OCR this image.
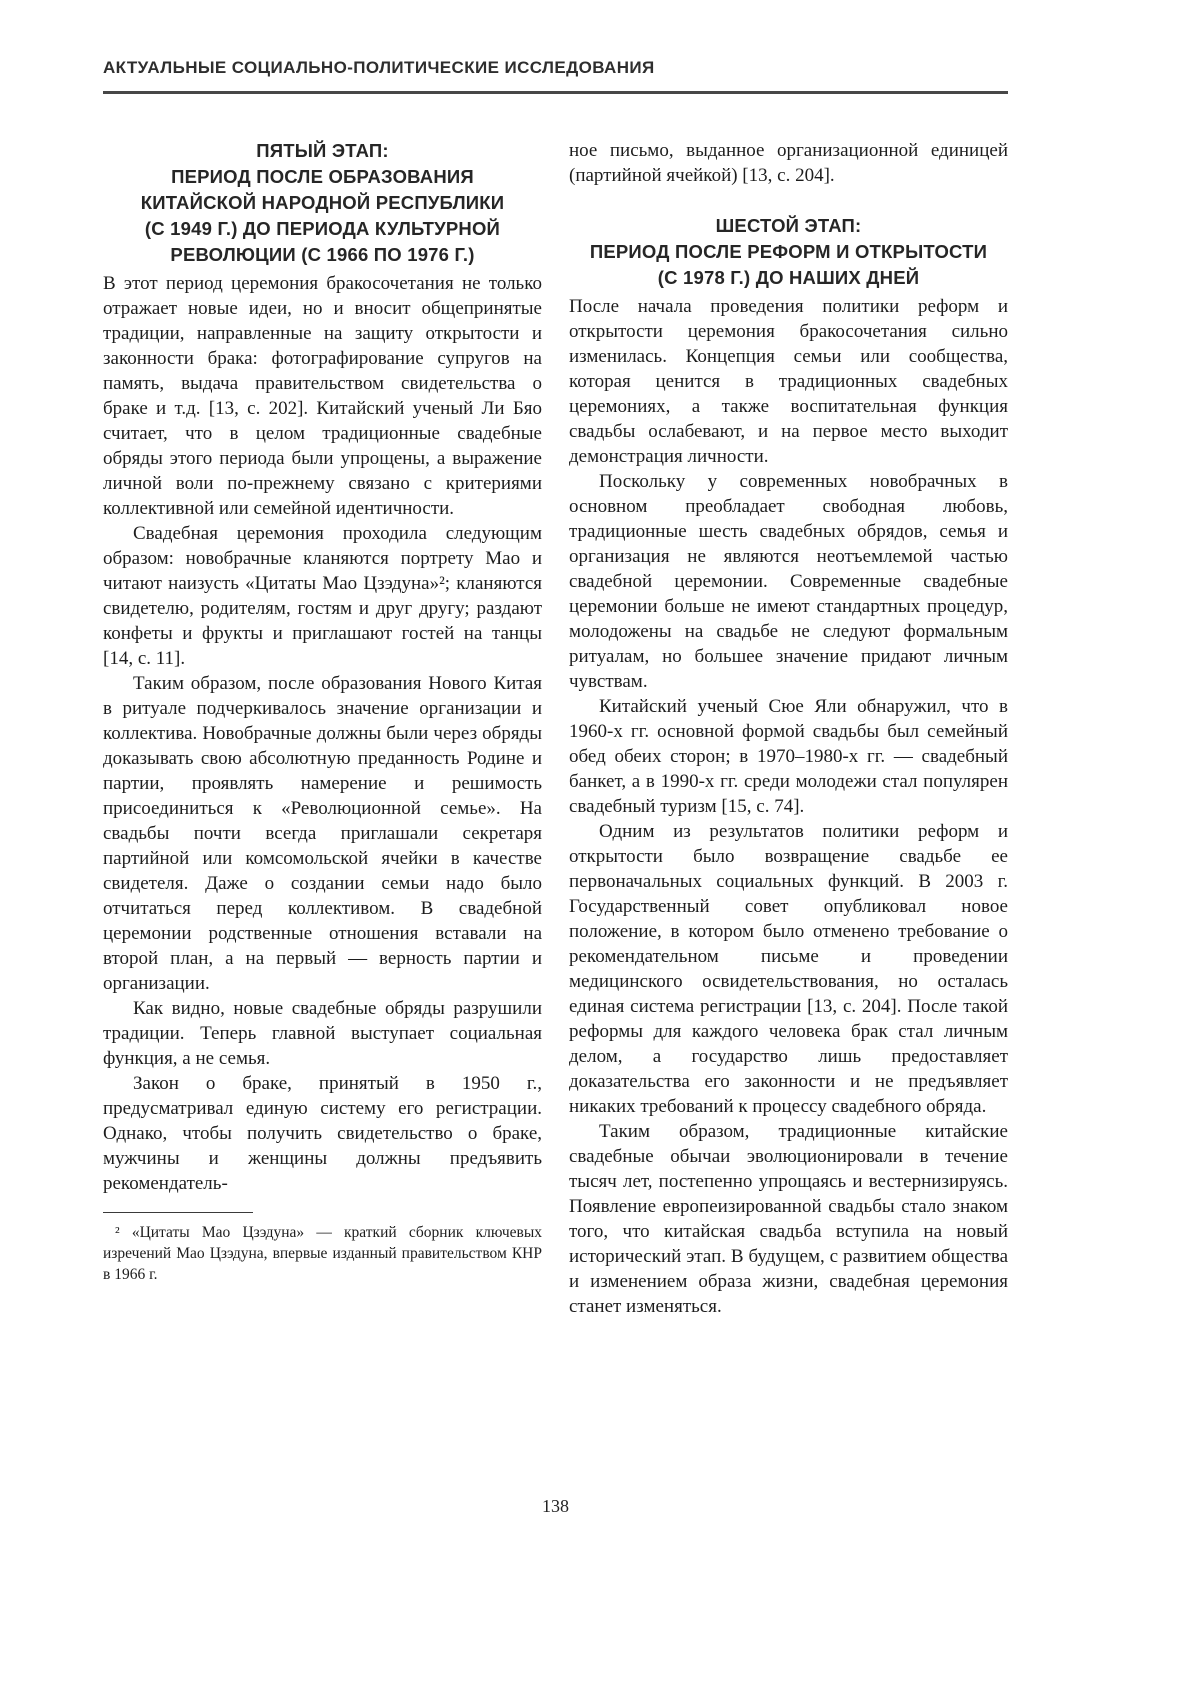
АКТУАЛЬНЫЕ СОЦИАЛЬНО-ПОЛИТИЧЕСКИЕ ИССЛЕДОВАНИЯ
ПЯТЫЙ ЭТАП:
ПЕРИОД ПОСЛЕ ОБРАЗОВАНИЯ
КИТАЙСКОЙ НАРОДНОЙ РЕСПУБЛИКИ
(С 1949 Г.) ДО ПЕРИОДА КУЛЬТУРНОЙ
РЕВОЛЮЦИИ (С 1966 ПО 1976 Г.)

В этот период церемония бракосочетания не только отражает новые идеи, но и вносит общепринятые традиции, направленные на защиту открытости и законности брака: фотографирование супругов на память, выдача правительством свидетельства о браке и т.д. [13, с. 202]. Китайский ученый Ли Бяо считает, что в целом традиционные свадебные обряды этого периода были упрощены, а выражение личной воли по-прежнему связано с критериями коллективной или семейной идентичности.

Свадебная церемония проходила следующим образом: новобрачные кланяются портрету Мао и читают наизусть «Цитаты Мао Цзэдуна»²; кланяются свидетелю, родителям, гостям и друг другу; раздают конфеты и фрукты и приглашают гостей на танцы [14, с. 11].

Таким образом, после образования Нового Китая в ритуале подчеркивалось значение организации и коллектива. Новобрачные должны были через обряды доказывать свою абсолютную преданность Родине и партии, проявлять намерение и решимость присоединиться к «Революционной семье». На свадьбы почти всегда приглашали секретаря партийной или комсомольской ячейки в качестве свидетеля. Даже о создании семьи надо было отчитаться перед коллективом. В свадебной церемонии родственные отношения вставали на второй план, а на первый — верность партии и организации.

Как видно, новые свадебные обряды разрушили традиции. Теперь главной выступает социальная функция, а не семья.

Закон о браке, принятый в 1950 г., предусматривал единую систему его регистрации. Однако, чтобы получить свидетельство о браке, мужчины и женщины должны предъявить рекомендатель-

² «Цитаты Мао Цзэдуна» — краткий сборник ключевых изречений Мао Цзэдуна, впервые изданный правительством КНР в 1966 г.

ное письмо, выданное организационной единицей (партийной ячейкой) [13, с. 204].

ШЕСТОЙ ЭТАП:
ПЕРИОД ПОСЛЕ РЕФОРМ И ОТКРЫТОСТИ
(С 1978 Г.) ДО НАШИХ ДНЕЙ

После начала проведения политики реформ и открытости церемония бракосочетания сильно изменилась. Концепция семьи или сообщества, которая ценится в традиционных свадебных церемониях, а также воспитательная функция свадьбы ослабевают, и на первое место выходит демонстрация личности.

Поскольку у современных новобрачных в основном преобладает свободная любовь, традиционные шесть свадебных обрядов, семья и организация не являются неотъемлемой частью свадебной церемонии. Современные свадебные церемонии больше не имеют стандартных процедур, молодожены на свадьбе не следуют формальным ритуалам, но большее значение придают личным чувствам.

Китайский ученый Сюе Яли обнаружил, что в 1960-х гг. основной формой свадьбы был семейный обед обеих сторон; в 1970–1980-х гг. — свадебный банкет, а в 1990-х гг. среди молодежи стал популярен свадебный туризм [15, с. 74].

Одним из результатов политики реформ и открытости было возвращение свадьбе ее первоначальных социальных функций. В 2003 г. Государственный совет опубликовал новое положение, в котором было отменено требование о рекомендательном письме и проведении медицинского освидетельствования, но осталась единая система регистрации [13, с. 204]. После такой реформы для каждого человека брак стал личным делом, а государство лишь предоставляет доказательства его законности и не предъявляет никаких требований к процессу свадебного обряда.

Таким образом, традиционные китайские свадебные обычаи эволюционировали в течение тысяч лет, постепенно упрощаясь и вестернизируясь. Появление европеизированной свадьбы стало знаком того, что китайская свадьба вступила на новый исторический этап. В будущем, с развитием общества и изменением образа жизни, свадебная церемония станет изменяться.

138
